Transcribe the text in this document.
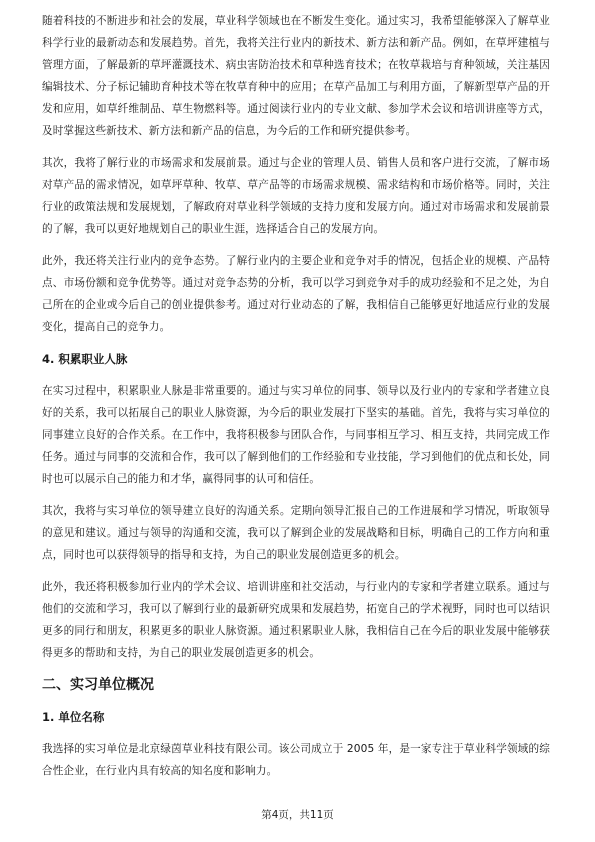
随着科技的不断进步和社会的发展，草业科学领域也在不断发生变化。通过实习，我希望能够深入了解草业科学行业的最新动态和发展趋势。首先，我将关注行业内的新技术、新方法和新产品。例如，在草坪建植与管理方面，了解最新的草坪灌溉技术、病虫害防治技术和草种选育技术；在牧草栽培与育种领域，关注基因编辑技术、分子标记辅助育种技术等在牧草育种中的应用；在草产品加工与利用方面，了解新型草产品的开发和应用，如草纤维制品、草生物燃料等。通过阅读行业内的专业文献、参加学术会议和培训讲座等方式，及时掌握这些新技术、新方法和新产品的信息，为今后的工作和研究提供参考。

其次，我将了解行业的市场需求和发展前景。通过与企业的管理人员、销售人员和客户进行交流，了解市场对草产品的需求情况，如草坪草种、牧草、草产品等的市场需求规模、需求结构和市场价格等。同时，关注行业的政策法规和发展规划，了解政府对草业科学领域的支持力度和发展方向。通过对市场需求和发展前景的了解，我可以更好地规划自己的职业生涯，选择适合自己的发展方向。

此外，我还将关注行业内的竞争态势。了解行业内的主要企业和竞争对手的情况，包括企业的规模、产品特点、市场份额和竞争优势等。通过对竞争态势的分析，我可以学习到竞争对手的成功经验和不足之处，为自己所在的企业或今后自己的创业提供参考。通过对行业动态的了解，我相信自己能够更好地适应行业的发展变化，提高自己的竞争力。

4. 积累职业人脉

在实习过程中，积累职业人脉是非常重要的。通过与实习单位的同事、领导以及行业内的专家和学者建立良好的关系，我可以拓展自己的职业人脉资源，为今后的职业发展打下坚实的基础。首先，我将与实习单位的同事建立良好的合作关系。在工作中，我将积极参与团队合作，与同事相互学习、相互支持，共同完成工作任务。通过与同事的交流和合作，我可以了解到他们的工作经验和专业技能，学习到他们的优点和长处，同时也可以展示自己的能力和才华，赢得同事的认可和信任。

其次，我将与实习单位的领导建立良好的沟通关系。定期向领导汇报自己的工作进展和学习情况，听取领导的意见和建议。通过与领导的沟通和交流，我可以了解到企业的发展战略和目标，明确自己的工作方向和重点，同时也可以获得领导的指导和支持，为自己的职业发展创造更多的机会。

此外，我还将积极参加行业内的学术会议、培训讲座和社交活动，与行业内的专家和学者建立联系。通过与他们的交流和学习，我可以了解到行业的最新研究成果和发展趋势，拓宽自己的学术视野，同时也可以结识更多的同行和朋友，积累更多的职业人脉资源。通过积累职业人脉，我相信自己在今后的职业发展中能够获得更多的帮助和支持，为自己的职业发展创造更多的机会。

二、实习单位概况
1. 单位名称

我选择的实习单位是北京绿茵草业科技有限公司。该公司成立于 2005 年，是一家专注于草业科学领域的综合性企业，在行业内具有较高的知名度和影响力。

第4页，共11页
